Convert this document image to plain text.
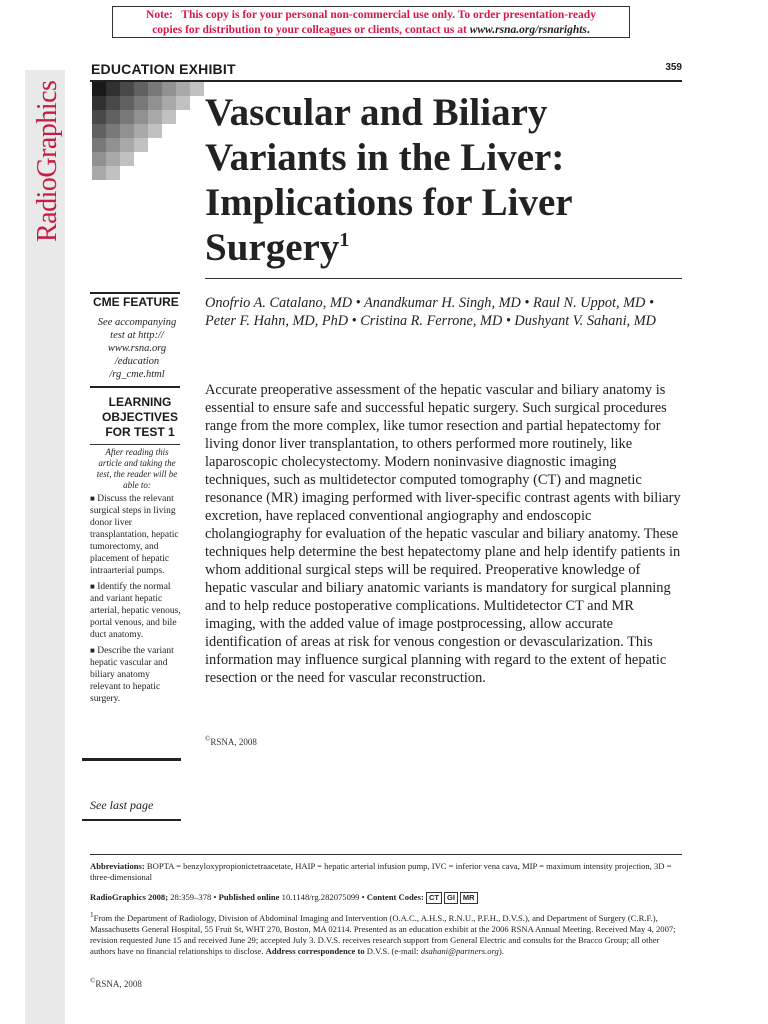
Note: This copy is for your personal non-commercial use only. To order presentation-ready
copies for distribution to your colleagues or clients, contact us at www.rsna.org/rsnarights.
RadioGraphics
EDUCATION EXHIBIT	359
Vascular and Biliary
Variants in the Liver:
Implications for Liver
Surgery$^1$
CME FEATURE
See accompanying
test at http://
www.rsna.org
/education
/rg_cme.html
LEARNING
OBJECTIVES
FOR TEST 1
After reading this article and taking the test, the reader will be able to:
■ Discuss the relevant surgical steps in living donor liver transplantation, hepatic tumorectomy, and placement of hepatic intraarterial pumps.
■ Identify the normal and variant hepatic arterial, hepatic venous, portal venous, and bile duct anatomy.
■ Describe the variant hepatic vascular and biliary anatomy relevant to hepatic surgery.
See last page
Onofrio A. Catalano, MD • Anandkumar H. Singh, MD • Raul N. Uppot, MD • Peter F. Hahn, MD, PhD • Cristina R. Ferrone, MD • Dushyant V. Sahani, MD
Accurate preoperative assessment of the hepatic vascular and biliary anatomy is essential to ensure safe and successful hepatic surgery. Such surgical procedures range from the more complex, like tumor resection and partial hepatectomy for living donor liver transplantation, to others performed more routinely, like laparoscopic cholecystectomy. Modern noninvasive diagnostic imaging techniques, such as multidetector computed tomography (CT) and magnetic resonance (MR) imaging performed with liver-specific contrast agents with biliary excretion, have replaced conventional angiography and endoscopic cholangiography for evaluation of the hepatic vascular and biliary anatomy. These techniques help determine the best hepatectomy plane and help identify patients in whom additional surgical steps will be required. Preoperative knowledge of hepatic vascular and biliary anatomic variants is mandatory for surgical planning and to help reduce postoperative complications. Multidetector CT and MR imaging, with the added value of image postprocessing, allow accurate identification of areas at risk for venous congestion or devascularization. This information may influence surgical planning with regard to the extent of hepatic resection or the need for vascular reconstruction.
©RSNA, 2008
Abbreviations: BOPTA = benzyloxypropionictetraacetate, HAIP = hepatic arterial infusion pump, IVC = inferior vena cava, MIP = maximum intensity projection, 3D = three-dimensional
RadioGraphics 2008; 28:359–378 • Published online 10.1148/rg.282075099 • Content Codes: CT GI MR
$^1$From the Department of Radiology, Division of Abdominal Imaging and Intervention (O.A.C., A.H.S., R.N.U., P.F.H., D.V.S.), and Department of Surgery (C.R.F.), Massachusetts General Hospital, 55 Fruit St, WHT 270, Boston, MA 02114. Presented as an education exhibit at the 2006 RSNA Annual Meeting. Received May 4, 2007; revision requested June 15 and received June 29; accepted July 3. D.V.S. receives research support from General Electric and consults for the Bracco Group; all other authors have no financial relationships to disclose. Address correspondence to D.V.S. (e-mail: dsahani@partners.org).
©RSNA, 2008
